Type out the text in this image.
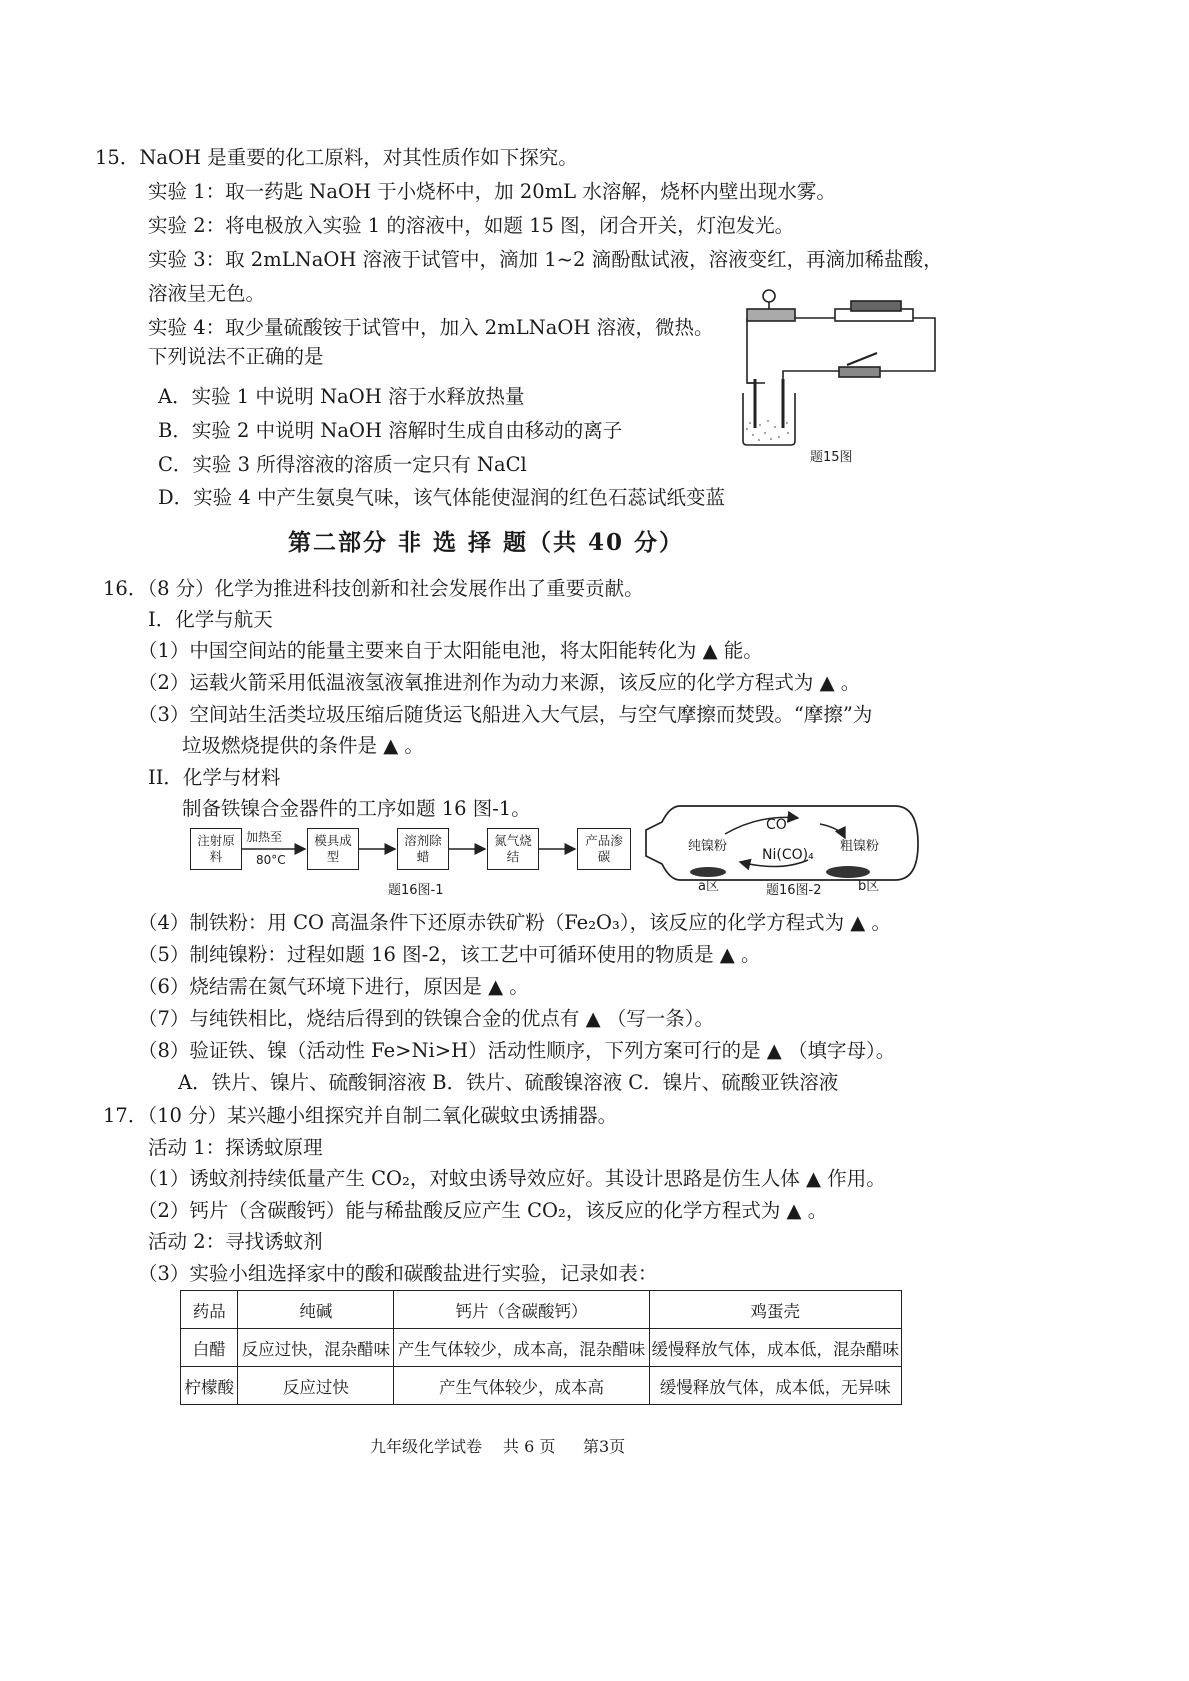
15．NaOH 是重要的化工原料，对其性质作如下探究。
实验 1：取一药匙 NaOH 于小烧杯中，加 20mL 水溶解，烧杯内壁出现水雾。
实验 2：将电极放入实验 1 的溶液中，如题 15 图，闭合开关，灯泡发光。
实验 3：取 2mLNaOH 溶液于试管中，滴加 1~2 滴酚酞试液，溶液变红，再滴加稀盐酸，
溶液呈无色。
实验 4：取少量硫酸铵于试管中，加入 2mLNaOH 溶液，微热。
下列说法不正确的是
A．实验 1 中说明 NaOH 溶于水释放热量
B．实验 2 中说明 NaOH 溶解时生成自由移动的离子
C．实验 3 所得溶液的溶质一定只有 NaCl
D．实验 4 中产生氨臭气味，该气体能使湿润的红色石蕊试纸变蓝
题15图
第二部分 非 选 择 题（共 40 分）
16．（8 分）化学为推进科技创新和社会发展作出了重要贡献。
I．化学与航天
（1）中国空间站的能量主要来自于太阳能电池，将太阳能转化为 ▲ 能。
（2）运载火箭采用低温液氢液氧推进剂作为动力来源，该反应的化学方程式为 ▲ 。
（3）空间站生活类垃圾压缩后随货运飞船进入大气层，与空气摩擦而焚毁。“摩擦”为
垃圾燃烧提供的条件是 ▲ 。
II．化学与材料
制备铁镍合金器件的工序如题 16 图-1。
注射原料
模具成型
溶剂除蜡
氮气烧结
产品渗碳
加热至
80°C
题16图-1
CO
Ni(CO)₄
纯镍粉	粗镍粉
a区	b区
题16图-2
（4）制铁粉：用 CO 高温条件下还原赤铁矿粉（Fe₂O₃），该反应的化学方程式为 ▲ 。
（5）制纯镍粉：过程如题 16 图-2，该工艺中可循环使用的物质是 ▲ 。
（6）烧结需在氮气环境下进行，原因是 ▲ 。
（7）与纯铁相比，烧结后得到的铁镍合金的优点有 ▲ （写一条）。
（8）验证铁、镍（活动性 Fe>Ni>H）活动性顺序，下列方案可行的是 ▲ （填字母）。
A．铁片、镍片、硫酸铜溶液 B．铁片、硫酸镍溶液 C．镍片、硫酸亚铁溶液
17．（10 分）某兴趣小组探究并自制二氧化碳蚊虫诱捕器。
活动 1：探诱蚊原理
（1）诱蚊剂持续低量产生 CO₂，对蚊虫诱导效应好。其设计思路是仿生人体 ▲ 作用。
（2）钙片（含碳酸钙）能与稀盐酸反应产生 CO₂，该反应的化学方程式为 ▲ 。
活动 2：寻找诱蚊剂
（3）实验小组选择家中的酸和碳酸盐进行实验，记录如表：
药品	纯碱	钙片（含碳酸钙）	鸡蛋壳
白醋	反应过快，混杂醋味	产生气体较少，成本高，混杂醋味	缓慢释放气体，成本低，混杂醋味
柠檬酸	反应过快	产生气体较少，成本高	缓慢释放气体，成本低，无异味
九年级化学试卷 共 6 页 第3页
